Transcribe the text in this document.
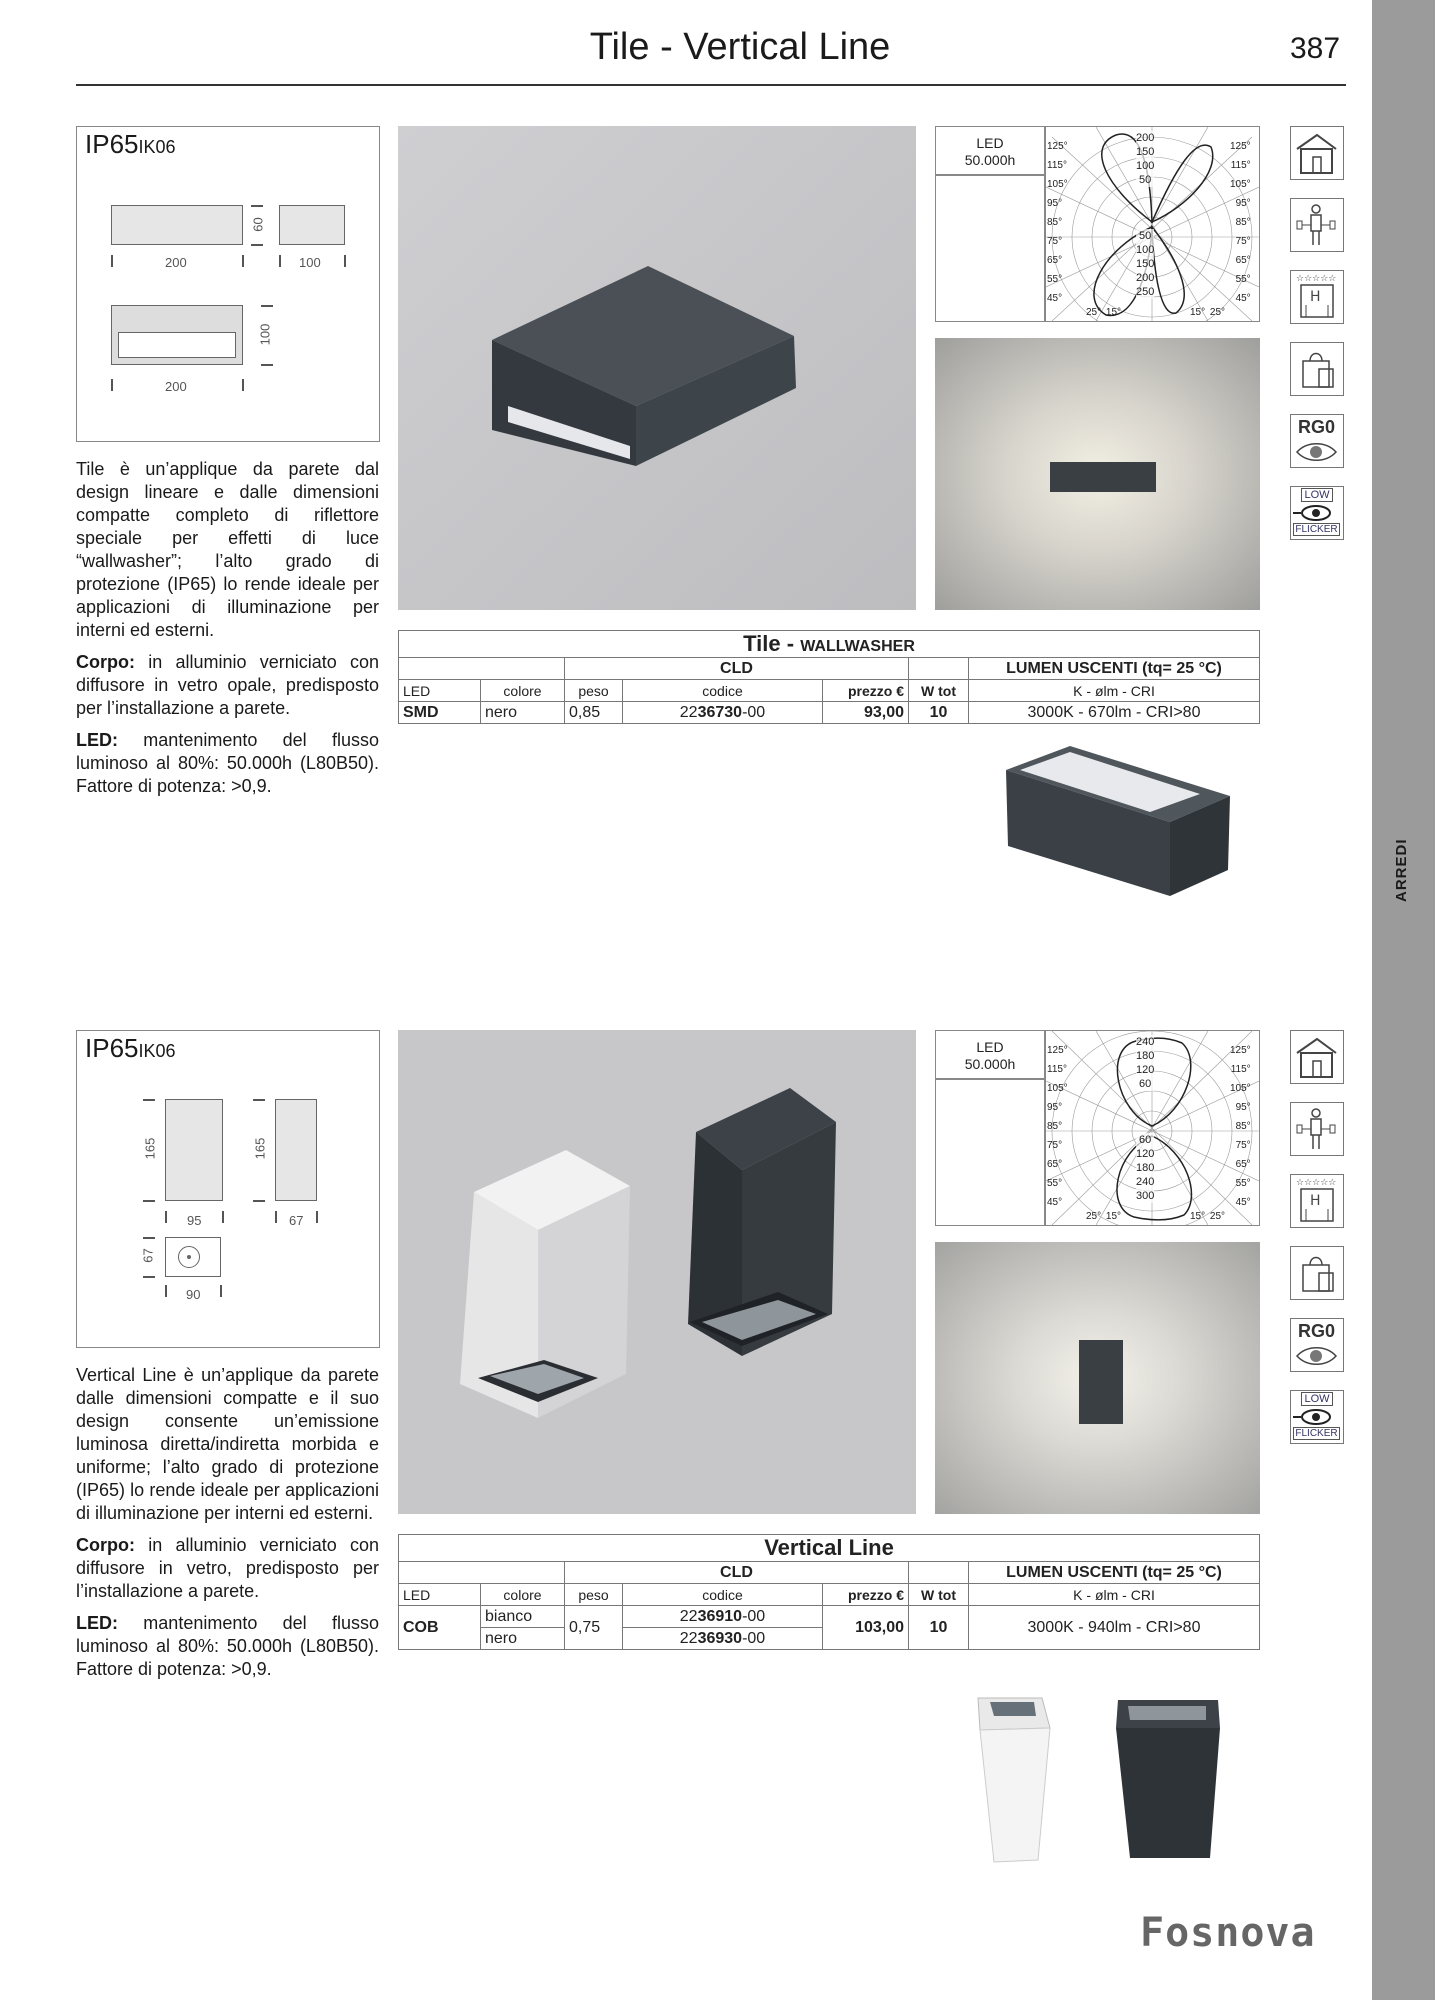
Tile - Vertical Line	387
ARREDI
IP65IK06
200	100
60
200
100

Tile è un’applique da parete dal design lineare e dalle dimensioni compatte completo di riflettore speciale per effetti di luce “wallwasher”; l’alto grado di protezione (IP65) lo rende ideale per applicazioni di illuminazione per interni ed esterni.

Corpo: in alluminio verniciato con diffusore in vetro opale, predisposto per l’installazione a parete.

LED: mantenimento del flusso luminoso al 80%: 50.000h (L80B50). Fattore di potenza: >0,9.

LED
50.000h
200
150
100
50
50
100
150
200
250
125°
115°
105°
95°
85°
75°
65°
55°
45°
125°
115°
105°
95°
85°
75°
65°
55°
45°
25° 15°	15° 25°
☆☆☆☆☆
H
RG0
LOW
FLICKER
Tile - WALLWASHER						
		CLD				LUMEN USCENTI (tq= 25 °C)
LED	colore	peso	codice	prezzo €	W tot	K - ølm - CRI
SMD	nero	0,85	2236730-00	93,00	10	3000K - 670lm - CRI>80
IP65IK06
165	165
95	67
67
90

Vertical Line è un’applique da parete dalle dimensioni compatte e il suo design consente un’emissione luminosa diretta/indiretta morbida e uniforme; l’alto grado di protezione (IP65) lo rende ideale per applicazioni di illuminazione per interni ed esterni.

Corpo: in alluminio verniciato con diffusore in vetro, predisposto per l’installazione a parete.

LED: mantenimento del flusso luminoso al 80%: 50.000h (L80B50). Fattore di potenza: >0,9.

LED
50.000h
240
180
120
60
60
120
180
240
300
125°
115°
105°
95°
85°
75°
65°
55°
45°
125°
115°
105°
95°
85°
75°
65°
55°
45°
25° 15°	15° 25°
☆☆☆☆☆
H
RG0
LOW
FLICKER
Vertical Line						
		CLD				LUMEN USCENTI (tq= 25 °C)
LED	colore	peso	codice	prezzo €	W tot	K - ølm - CRI
COB	bianco	0,75	2236910-00	103,00	10	3000K - 940lm - CRI>80
	nero		2236930-00			
Fosnova
